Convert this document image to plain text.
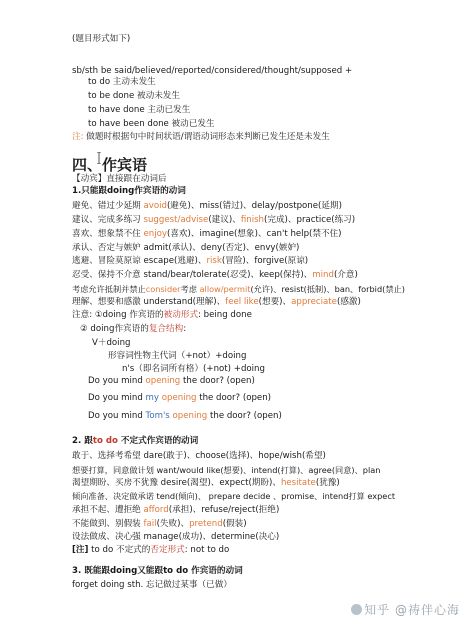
(题目形式如下)
sb/sth be said/believed/reported/considered/thought/supposed +
to do 主动未发生
to be done 被动未发生
to have done 主动已发生
to have been done 被动已发生
注: 做题时根据句中时间状语/谓语动词形态来判断已发生还是未发生
四、作宾语
【动宾】直接跟在动词后
1.只能跟doing作宾语的动词
避免、错过少延期 avoid(避免)、miss(错过)、delay/postpone(延期)
建议、完成多练习 suggest/advise(建议)、finish(完成)、practice(练习)
喜欢、想象禁不住 enjoy(喜欢)、imagine(想象)、can't help(禁不住)
承认、否定与嫉妒 admit(承认)、deny(否定)、envy(嫉妒)
逃避、冒险莫原谅 escape(逃避)、risk(冒险)、forgive(原谅)
忍受、保持不介意 stand/bear/tolerate(忍受)、keep(保持)、mind(介意)
考虑允许抵制并禁止consider考虑 allow/permit(允许)、resist(抵制)、ban、forbid(禁止)
理解、想要和感激 understand(理解)、feel like(想要)、appreciate(感激)
注意: ①doing 作宾语的被动形式: being done
② doing作宾语的复合结构:
V＋doing
形容词性物主代词（+not）+doing
n's（即名词所有格）(+not) +doing
Do you mind opening the door? (open)
Do you mind my opening the door? (open)
Do you mind Tom's opening the door? (open)
2. 跟to do 不定式作宾语的动词
敢于、选择考希望 dare(敢于)、choose(选择)、hope/wish(希望)
想要打算，同意做计划 want/would like(想要)、intend(打算)、agree(同意)、plan
渴望期盼、买房不犹豫 desire(渴望)、expect(期盼)、hesitate(犹豫)
倾向准备、决定做承诺 tend(倾向)、 prepare decide 、promise、intend打算 expect
承担不起、遭拒绝 afford(承担)、refuse/reject(拒绝)
不能做到、别假装 fail(失败)、pretend(假装)
设法做成、决心强 manage(成功)、determine(决心)
[注] to do 不定式的否定形式: not to do
3. 既能跟doing又能跟to do 作宾语的动词
forget doing sth. 忘记做过某事（已做）
知乎 @祷伴心海
